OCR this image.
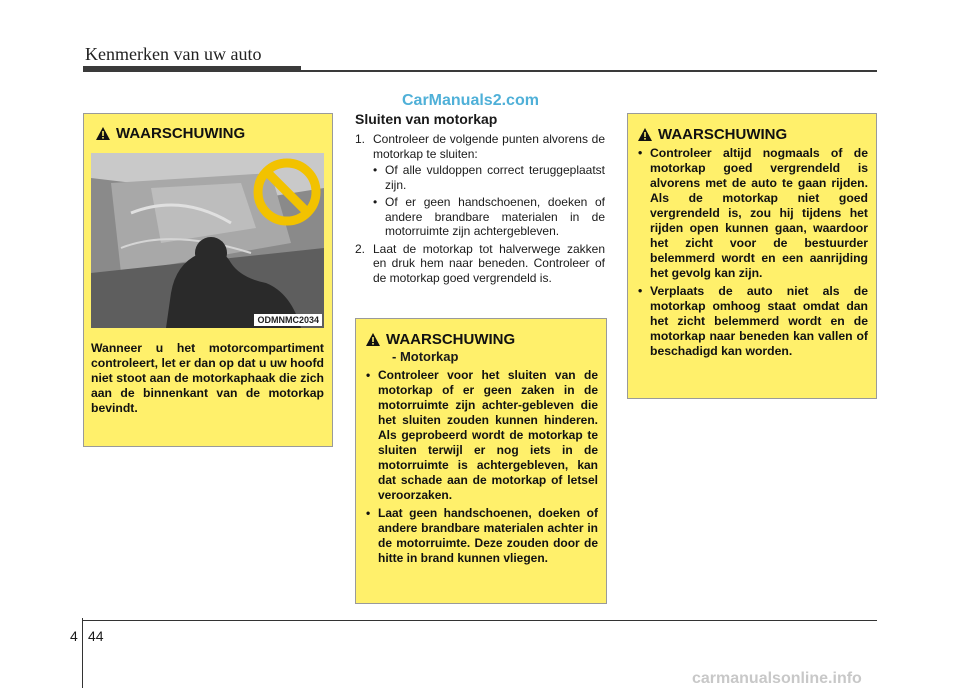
Kenmerken van uw auto
CarManuals2.com
WAARSCHUWING
ODMNMC2034
Wanneer u het motorcompartiment controleert, let er dan op dat u uw hoofd niet stoot aan de motorkaphaak die zich aan de binnenkant van de motorkap bevindt.
Sluiten van motorkap
1. Controleer de volgende punten alvorens de motorkap te sluiten:
• Of alle vuldoppen correct teruggeplaatst zijn.
• Of er geen handschoenen, doeken of andere brandbare materialen in de motorruimte zijn achtergebleven.
2. Laat de motorkap tot halverwege zakken en druk hem naar beneden. Controleer of de motorkap goed vergrendeld is.
WAARSCHUWING
- Motorkap
• Controleer voor het sluiten van de motorkap of er geen zaken in de motorruimte zijn achter-gebleven die het sluiten zouden kunnen hinderen. Als geprobeerd wordt de motorkap te sluiten terwijl er nog iets in de motorruimte is achtergebleven, kan dat schade aan de motorkap of letsel veroorzaken.
• Laat geen handschoenen, doeken of andere brandbare materialen achter in de motorruimte. Deze zouden door de hitte in brand kunnen vliegen.
WAARSCHUWING
• Controleer altijd nogmaals of de motorkap goed vergrendeld is alvorens met de auto te gaan rijden. Als de motorkap niet goed vergrendeld is, zou hij tijdens het rijden open kunnen gaan, waardoor het zicht voor de bestuurder belemmerd wordt en een aanrijding het gevolg kan zijn.
• Verplaats de auto niet als de motorkap omhoog staat omdat dan het zicht belemmerd wordt en de motorkap naar beneden kan vallen of beschadigd kan worden.
4 44
carmanualsonline.info
